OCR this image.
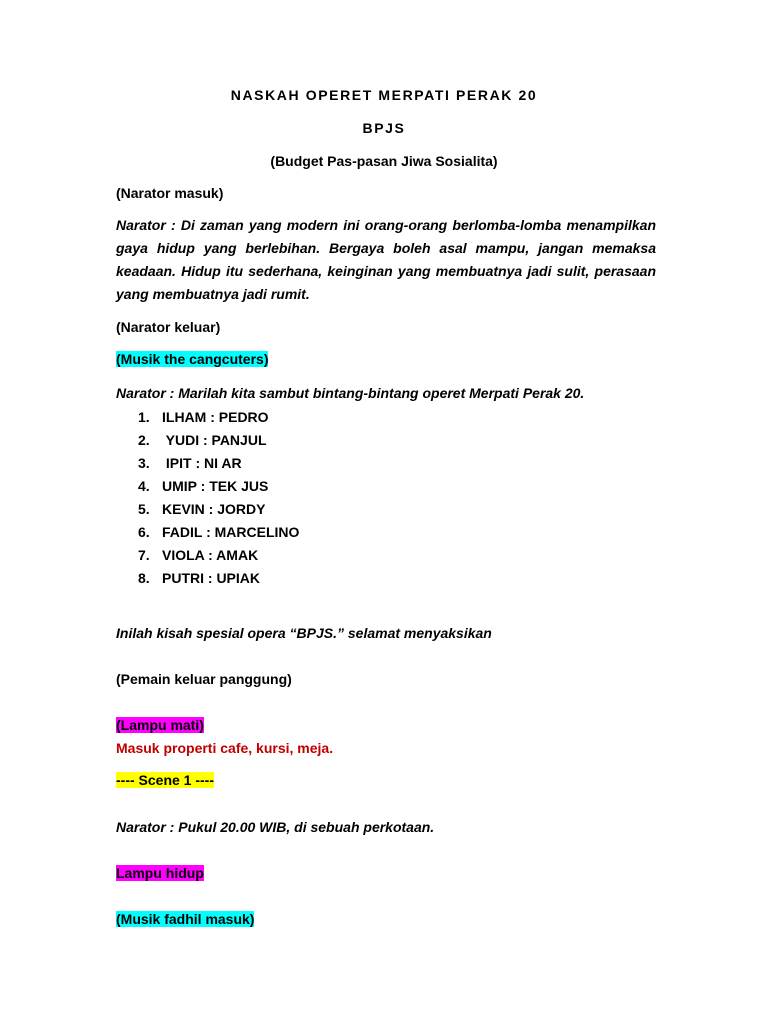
NASKAH OPERET MERPATI PERAK 20
BPJS
(Budget Pas-pasan Jiwa Sosialita)
(Narator masuk)
Narator : Di zaman yang modern ini orang-orang berlomba-lomba menampilkan gaya hidup yang berlebihan. Bergaya boleh asal mampu, jangan memaksa keadaan. Hidup itu sederhana, keinginan yang membuatnya jadi sulit, perasaan yang membuatnya jadi rumit.
(Narator keluar)
(Musik the cangcuters)
Narator : Marilah kita sambut bintang-bintang operet Merpati Perak 20.
1. ILHAM : PEDRO
2. YUDI : PANJUL
3. IPIT : NI AR
4. UMIP : TEK JUS
5. KEVIN : JORDY
6. FADIL : MARCELINO
7. VIOLA : AMAK
8. PUTRI : UPIAK
Inilah kisah spesial opera “BPJS.” selamat menyaksikan
(Pemain keluar panggung)
(Lampu mati)
Masuk properti cafe, kursi, meja.
---- Scene 1 ----
Narator : Pukul 20.00 WIB, di sebuah perkotaan.
Lampu hidup
(Musik fadhil masuk)
